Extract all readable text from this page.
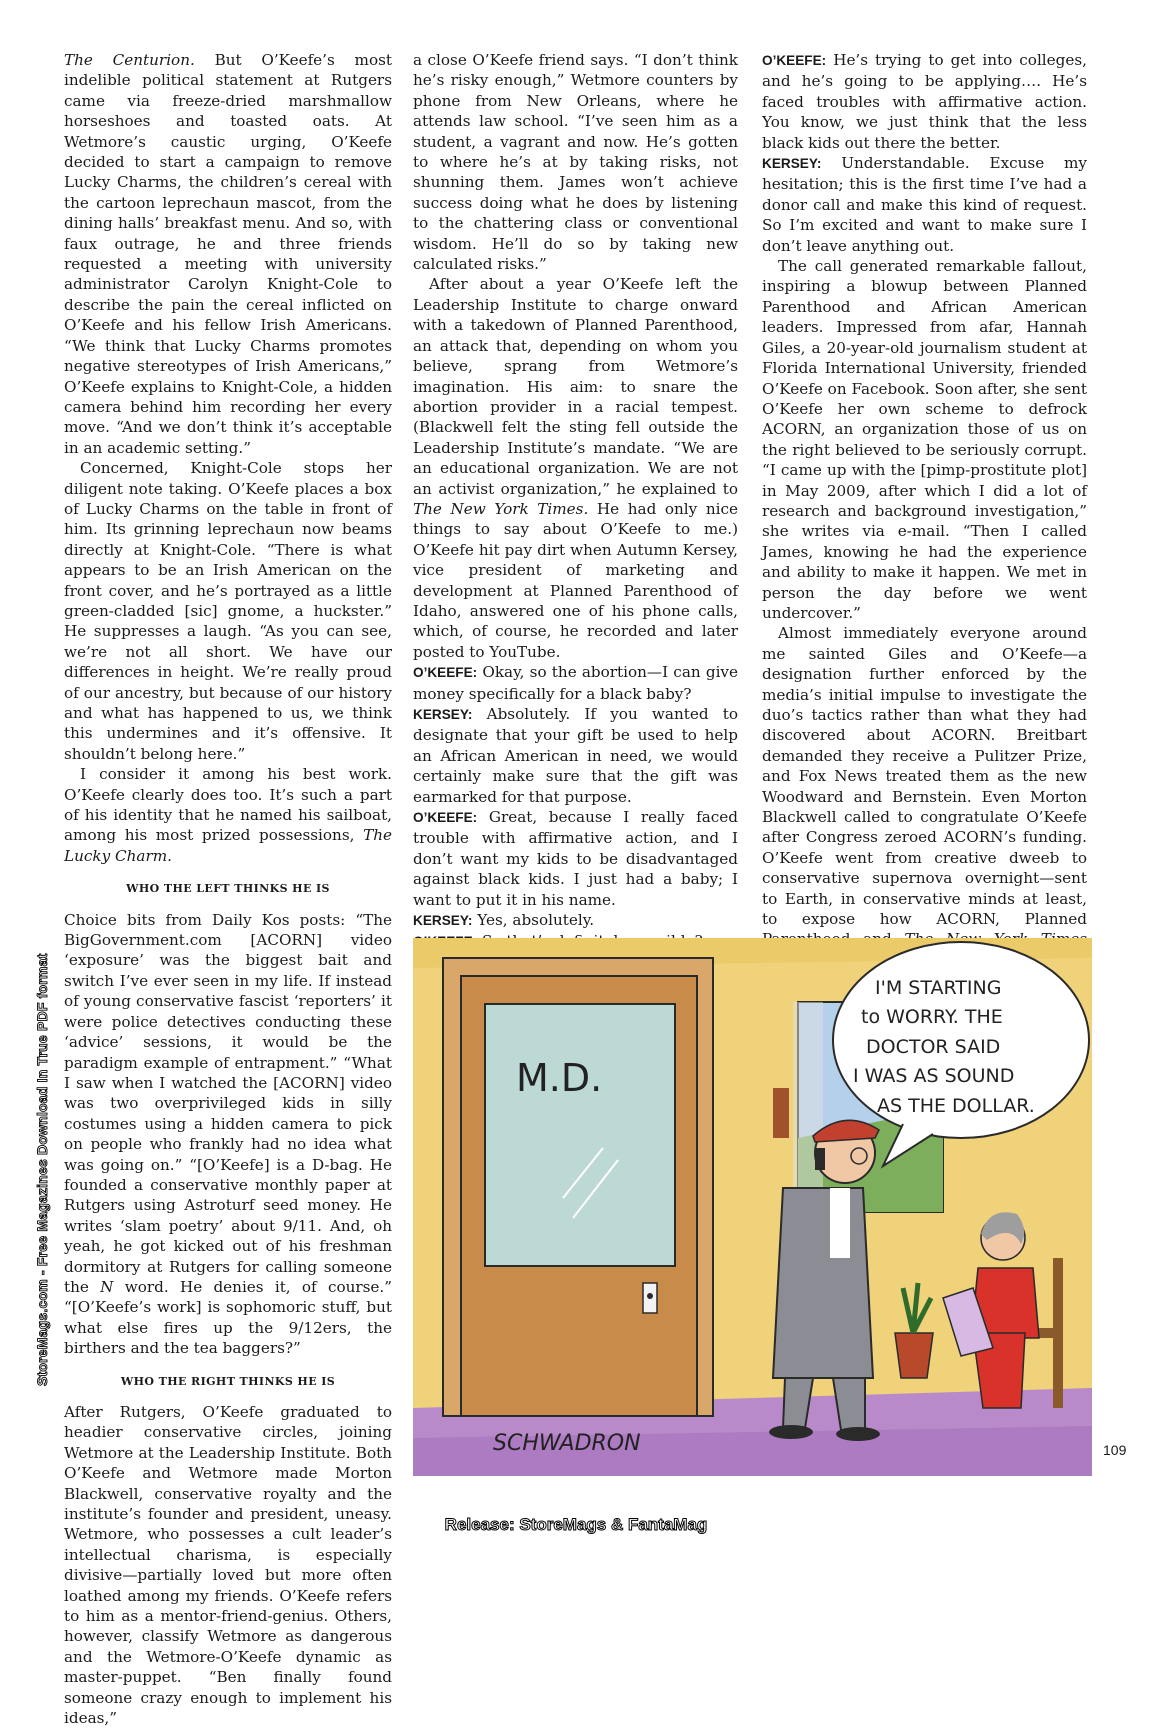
The Centurion. But O’Keefe’s most indelible political statement at Rutgers came via freeze-dried marshmallow horseshoes and toasted oats. At Wetmore’s caustic urging, O’Keefe decided to start a campaign to remove Lucky Charms, the children’s cereal with the cartoon leprechaun mascot, from the dining halls’ breakfast menu. And so, with faux outrage, he and three friends requested a meeting with university administrator Carolyn Knight-Cole to describe the pain the cereal inflicted on O’Keefe and his fellow Irish Americans. “We think that Lucky Charms promotes negative stereotypes of Irish Americans,” O’Keefe explains to Knight-Cole, a hidden camera behind him recording her every move. “And we don’t think it’s acceptable in an academic setting.”

Concerned, Knight-Cole stops her diligent note taking. O’Keefe places a box of Lucky Charms on the table in front of him. Its grinning leprechaun now beams directly at Knight-Cole. “There is what appears to be an Irish American on the front cover, and he’s portrayed as a little green-cladded [sic] gnome, a huckster.” He suppresses a laugh. “As you can see, we’re not all short. We have our differences in height. We’re really proud of our ancestry, but because of our history and what has happened to us, we think this undermines and it’s offensive. It shouldn’t belong here.”

I consider it among his best work. O’Keefe clearly does too. It’s such a part of his identity that he named his sailboat, among his most prized possessions, The Lucky Charm.

WHO THE LEFT THINKS HE IS

Choice bits from Daily Kos posts: “The BigGovernment.com [ACORN] video ‘exposure’ was the biggest bait and switch I’ve ever seen in my life. If instead of young conservative fascist ‘reporters’ it were police detectives conducting these ‘advice’ sessions, it would be the paradigm example of entrapment.” “What I saw when I watched the [ACORN] video was two overprivileged kids in silly costumes using a hidden camera to pick on people who frankly had no idea what was going on.” “[O’Keefe] is a D-bag. He founded a conservative monthly paper at Rutgers using Astroturf seed money. He writes ‘slam poetry’ about 9/11. And, oh yeah, he got kicked out of his freshman dormitory at Rutgers for calling someone the N word. He denies it, of course.” “[O’Keefe’s work] is sophomoric stuff, but what else fires up the 9/12ers, the birthers and the tea baggers?”

WHO THE RIGHT THINKS HE IS

After Rutgers, O’Keefe graduated to headier conservative circles, joining Wetmore at the Leadership Institute. Both O’Keefe and Wetmore made Morton Blackwell, conservative royalty and the institute’s founder and president, uneasy. Wetmore, who possesses a cult leader’s intellectual charisma, is especially divisive—partially loved but more often loathed among my friends. O’Keefe refers to him as a mentor-friend-genius. Others, however, classify Wetmore as dangerous and the Wetmore-O’Keefe dynamic as master-puppet. “Ben finally found someone crazy enough to implement his ideas,”

a close O’Keefe friend says. “I don’t think he’s risky enough,” Wetmore counters by phone from New Orleans, where he attends law school. “I’ve seen him as a student, a vagrant and now. He’s gotten to where he’s at by taking risks, not shunning them. James won’t achieve success doing what he does by listening to the chattering class or conventional wisdom. He’ll do so by taking new calculated risks.”

After about a year O’Keefe left the Leadership Institute to charge onward with a takedown of Planned Parenthood, an attack that, depending on whom you believe, sprang from Wetmore’s imagination. His aim: to snare the abortion provider in a racial tempest. (Blackwell felt the sting fell outside the Leadership Institute’s mandate. “We are an educational organization. We are not an activist organization,” he explained to The New York Times. He had only nice things to say about O’Keefe to me.) O’Keefe hit pay dirt when Autumn Kersey, vice president of marketing and development at Planned Parenthood of Idaho, answered one of his phone calls, which, of course, he recorded and later posted to YouTube.

O’KEEFE: Okay, so the abortion—I can give money specifically for a black baby?

KERSEY: Absolutely. If you wanted to designate that your gift be used to help an African American in need, we would certainly make sure that the gift was earmarked for that purpose.

O’KEEFE: Great, because I really faced trouble with affirmative action, and I don’t want my kids to be disadvantaged against black kids. I just had a baby; I want to put it in his name.

KERSEY: Yes, absolutely.

O’KEEFE: He’s trying to get into colleges, and he’s going to be applying…. He’s faced troubles with affirmative action. You know, we just think that the less black kids out there the better.

KERSEY: Understandable. Excuse my hesitation; this is the first time I’ve had a donor call and make this kind of request. So I’m excited and want to make sure I don’t leave anything out.

The call generated remarkable fallout, inspiring a blowup between Planned Parenthood and African American leaders. Impressed from afar, Hannah Giles, a 20-year-old journalism student at Florida International University, friended O’Keefe on Facebook. Soon after, she sent O’Keefe her own scheme to defrock ACORN, an organization those of us on the right believed to be seriously corrupt. “I came up with the [pimp-prostitute plot] in May 2009, after which I did a lot of research and background investigation,” she writes via e-mail. “Then I called James, knowing he had the experience and ability to make it happen. We met in person the day before we went undercover.”

Almost immediately everyone around me sainted Giles and O’Keefe—a designation further enforced by the media’s initial impulse to investigate the duo’s tactics rather than what they had discovered about ACORN. Breitbart demanded they receive a Pulitzer Prize, and Fox News treated them as the new Woodward and Bernstein. Even Morton Blackwell called to congratulate O’Keefe after Congress zeroed ACORN’s funding. O’Keefe went from creative dweeb to conservative supernova overnight—sent to Earth, in conservative minds at least, to expose how ACORN, Planned

M.D.
I'M STARTING
to WORRY. THE
DOCTOR SAID
I WAS AS SOUND
AS THE DOLLAR.
SCHWADRON
StoreMags.com - Free Magazines Download In True PDF format
109
Release: StoreMags & FantaMag
